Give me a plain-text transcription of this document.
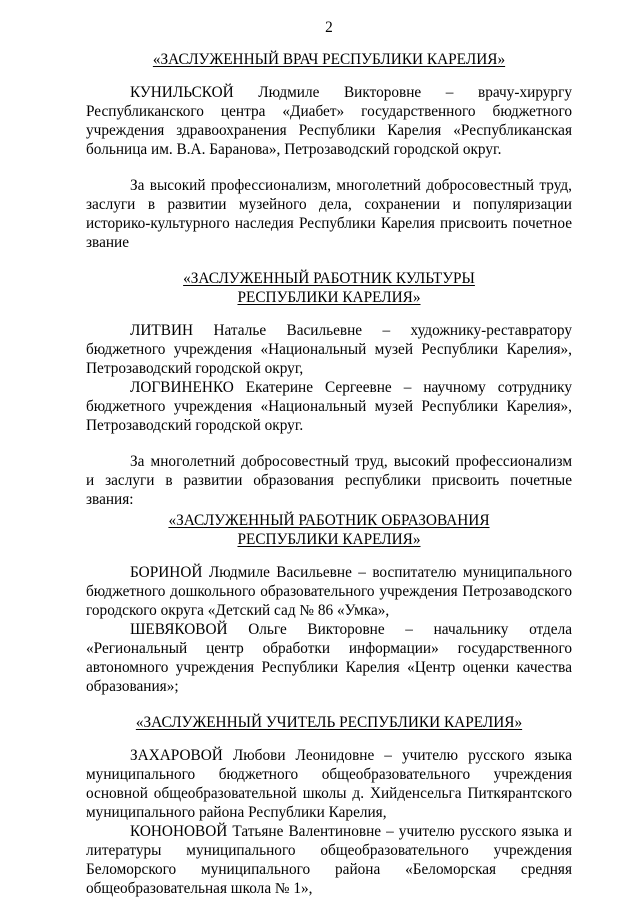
2
«ЗАСЛУЖЕННЫЙ ВРАЧ РЕСПУБЛИКИ КАРЕЛИЯ»

КУНИЛЬСКОЙ Людмиле Викторовне – врачу-хирургу Республиканского центра «Диабет» государственного бюджетного учреждения здравоохранения Республики Карелия «Республиканская больница им. В.А. Баранова», Петрозаводский городской округ.

За высокий профессионализм, многолетний добросовестный труд, заслуги в развитии музейного дела, сохранении и популяризации историко-культурного наследия Республики Карелия присвоить почетное звание

«ЗАСЛУЖЕННЫЙ РАБОТНИК КУЛЬТУРЫ
РЕСПУБЛИКИ КАРЕЛИЯ»

ЛИТВИН Наталье Васильевне – художнику-реставратору бюджетного учреждения «Национальный музей Республики Карелия», Петрозаводский городской округ,

ЛОГВИНЕНКО Екатерине Сергеевне – научному сотруднику бюджетного учреждения «Национальный музей Республики Карелия», Петрозаводский городской округ.

За многолетний добросовестный труд, высокий профессионализм и заслуги в развитии образования республики присвоить почетные звания:

«ЗАСЛУЖЕННЫЙ РАБОТНИК ОБРАЗОВАНИЯ
РЕСПУБЛИКИ КАРЕЛИЯ»

БОРИНОЙ Людмиле Васильевне – воспитателю муниципального бюджетного дошкольного образовательного учреждения Петрозаводского городского округа «Детский сад № 86 «Умка»,

ШЕВЯКОВОЙ Ольге Викторовне – начальнику отдела «Региональный центр обработки информации» государственного автономного учреждения Республики Карелия «Центр оценки качества образования»;

«ЗАСЛУЖЕННЫЙ УЧИТЕЛЬ РЕСПУБЛИКИ КАРЕЛИЯ»

ЗАХАРОВОЙ Любови Леонидовне – учителю русского языка муниципального бюджетного общеобразовательного учреждения основной общеобразовательной школы д. Хийденсельга Питкярантского муниципального района Республики Карелия,

КОНОНОВОЙ Татьяне Валентиновне – учителю русского языка и литературы муниципального общеобразовательного учреждения Беломорского муниципального района «Беломорская средняя общеобразовательная школа № 1»,
